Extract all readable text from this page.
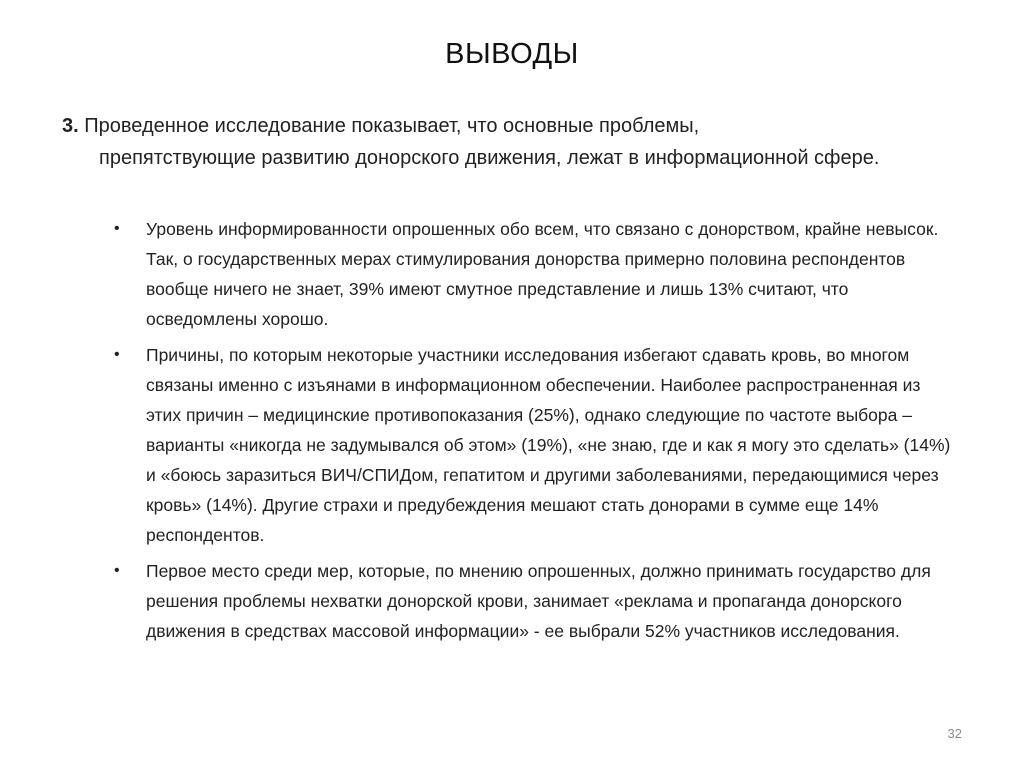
ВЫВОДЫ
3. Проведенное исследование показывает, что основные проблемы,
препятствующие развитию донорского движения, лежат в информационной сфере.
• Уровень информированности опрошенных обо всем, что связано с донорством, крайне невысок. Так, о государственных мерах стимулирования донорства примерно половина респондентов вообще ничего не знает, 39% имеют смутное представление и лишь 13% считают, что осведомлены хорошо.
• Причины, по которым некоторые участники исследования избегают сдавать кровь, во многом связаны именно с изъянами в информационном обеспечении. Наиболее распространенная из этих причин – медицинские противопоказания (25%), однако следующие по частоте выбора – варианты «никогда не задумывался об этом» (19%), «не знаю, где и как я могу это сделать» (14%) и «боюсь заразиться ВИЧ/СПИДом, гепатитом и другими заболеваниями, передающимися через кровь» (14%). Другие страхи и предубеждения мешают стать донорами в сумме еще 14% респондентов.
• Первое место среди мер, которые, по мнению опрошенных, должно принимать государство для решения проблемы нехватки донорской крови, занимает «реклама и пропаганда донорского движения в средствах массовой информации» - ее выбрали 52% участников исследования.
32
